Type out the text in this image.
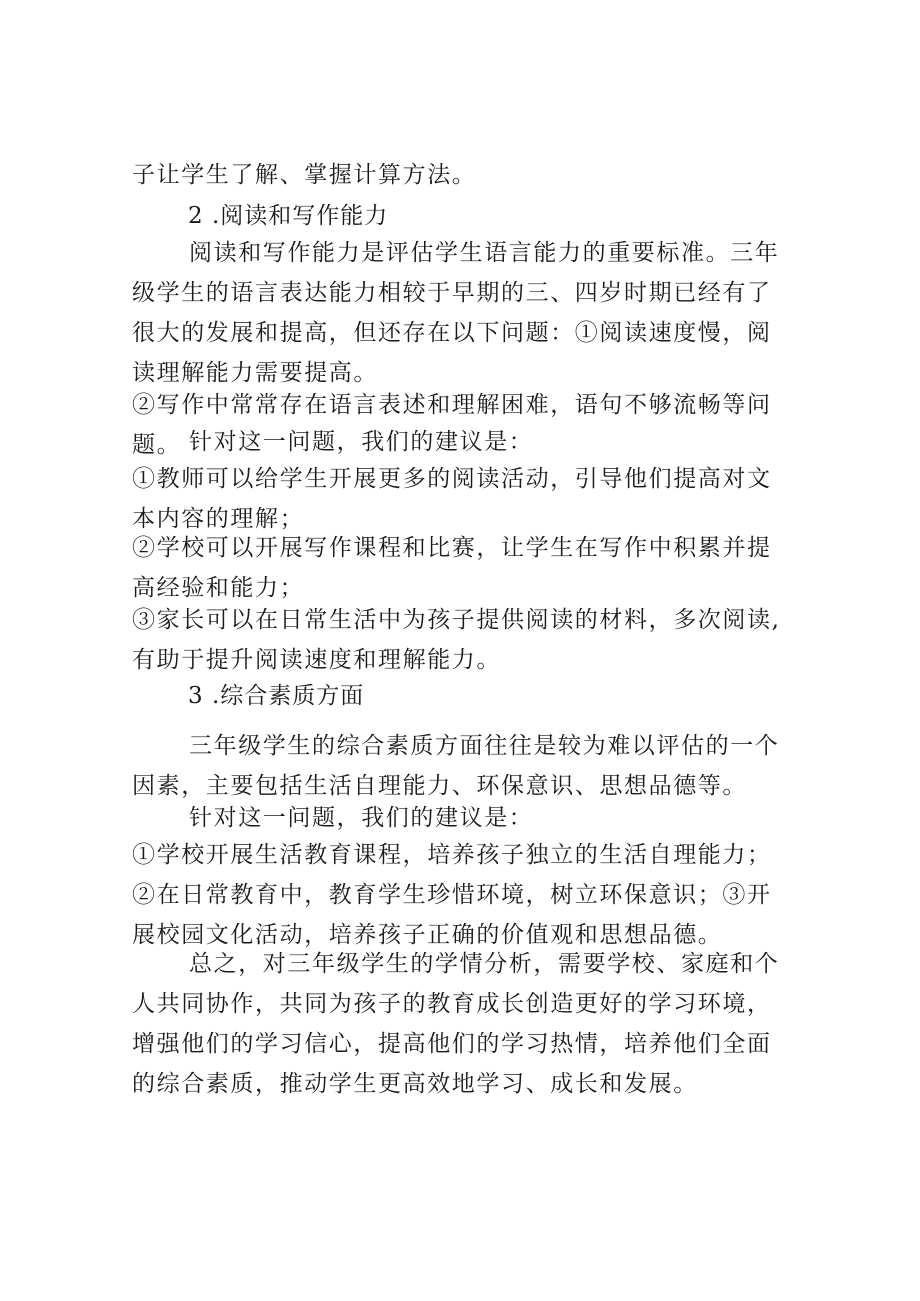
子让学生了解、掌握计算方法。

2 .阅读和写作能力

阅读和写作能力是评估学生语言能力的重要标准。三年级学生的语言表达能力相较于早期的三、四岁时期已经有了很大的发展和提高，但还存在以下问题：①阅读速度慢，阅读理解能力需要提高。

②写作中常常存在语言表述和理解困难，语句不够流畅等问题。 针对这一问题，我们的建议是：

①教师可以给学生开展更多的阅读活动，引导他们提高对文本内容的理解；

②学校可以开展写作课程和比赛，让学生在写作中积累并提高经验和能力；

③家长可以在日常生活中为孩子提供阅读的材料，多次阅读,有助于提升阅读速度和理解能力。

3 .综合素质方面

三年级学生的综合素质方面往往是较为难以评估的一个因素，主要包括生活自理能力、环保意识、思想品德等。

针对这一问题，我们的建议是：

①学校开展生活教育课程，培养孩子独立的生活自理能力；②在日常教育中，教育学生珍惜环境，树立环保意识；③开展校园文化活动，培养孩子正确的价值观和思想品德。

总之，对三年级学生的学情分析，需要学校、家庭和个人共同协作，共同为孩子的教育成长创造更好的学习环境，增强他们的学习信心，提高他们的学习热情，培养他们全面的综合素质，推动学生更高效地学习、成长和发展。
